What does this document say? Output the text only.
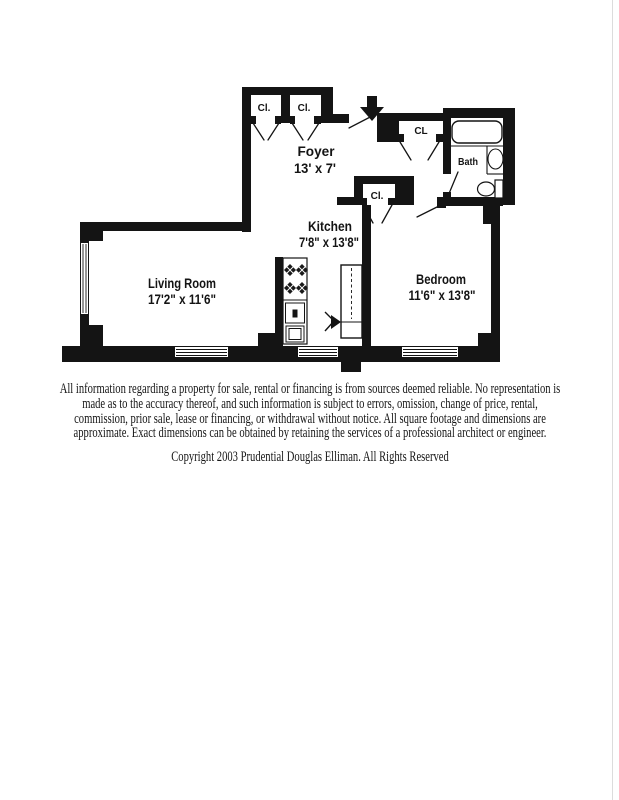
Foyer
13' x 7'
Kitchen
7'8" x 13'8"
Living Room
17'2" x 11'6"
Bedroom
11'6" x 13'8"
Bath
Cl.	Cl.
CL
Cl.
All information regarding a property for sale, rental or financing is from sources deemed reliable. No representation is
made as to the accuracy thereof, and such information is subject to errors, omission, change of price, rental,
commission, prior sale, lease or financing, or withdrawal without notice. All square footage and dimensions are
approximate. Exact dimensions can be obtained by retaining the services of a professional architect or engineer.
Copyright 2003 Prudential Douglas Elliman. All Rights Reserved
